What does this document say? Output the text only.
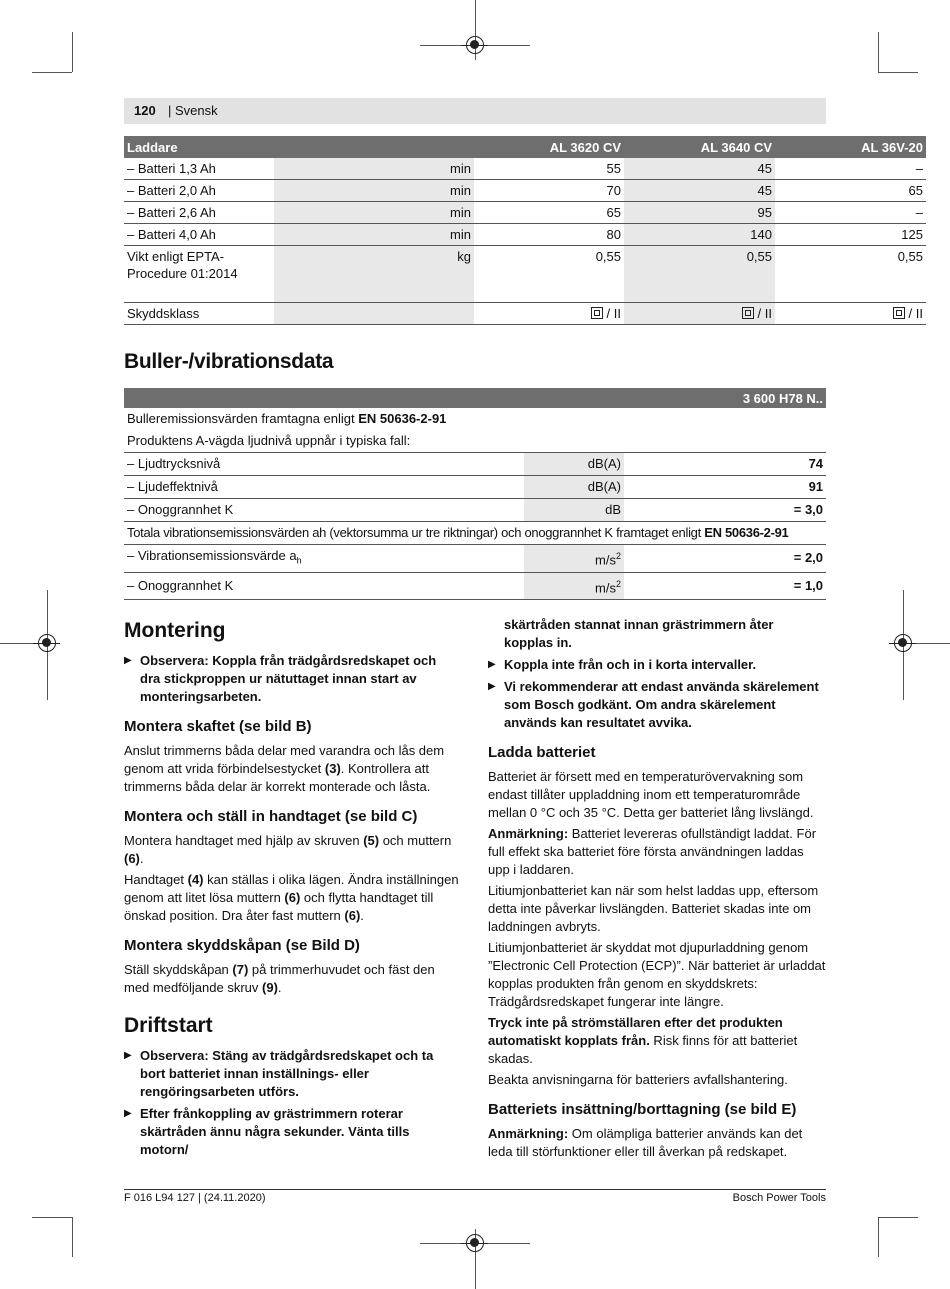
120 | Svensk
Laddare			AL 3620 CV	AL 3640 CV	AL 36V-20
– Batteri 1,3 Ah	min		55	45	–
– Batteri 2,0 Ah	min		70	45	65
– Batteri 2,6 Ah	min		65	95	–
– Batteri 4,0 Ah	min		80	140	125
Vikt enligt EPTA-Procedure 01:2014	kg		0,55	0,55	0,55
Skyddsklass			/ II	/ II	/ II
Buller-/vibrationsdata
3 600 H78 N..		
Bulleremissionsvärden framtagna enligt EN 50636-2-91		
Produktens A-vägda ljudnivå uppnår i typiska fall:		
– Ljudtrycksnivå	dB(A)	74
– Ljudeffektnivå	dB(A)	91
– Onoggrannhet K	dB	= 3,0
Totala vibrationsemissionsvärden ah (vektorsumma ur tre riktningar) och onoggrannhet K framtaget enligt EN 50636-2-91		
– Vibrationsemissionsvärde $a_h$	$m/s^2$	= 2,0
– Onoggrannhet K	$m/s^2$	= 1,0
Montering
▶ Observera: Koppla från trädgårdsredskapet och dra stickproppen ur nätuttaget innan start av monteringsarbeten.
Montera skaftet (se bild B)

Anslut trimmerns båda delar med varandra och lås dem genom att vrida förbindelsestycket (3). Kontrollera att trimmerns båda delar är korrekt monterade och låsta.

Montera och ställ in handtaget (se bild C)

Montera handtaget med hjälp av skruven (5) och muttern (6).

Handtaget (4) kan ställas i olika lägen. Ändra inställningen genom att litet lösa muttern (6) och flytta handtaget till önskad position. Dra åter fast muttern (6).

Montera skyddskåpan (se Bild D)

Ställ skyddskåpan (7) på trimmerhuvudet och fäst den med medföljande skruv (9).

Driftstart
▶ Observera: Stäng av trädgårdsredskapet och ta bort batteriet innan inställnings- eller rengöringsarbeten utförs.
▶ Efter frånkoppling av grästrimmern roterar skärtråden ännu några sekunder. Vänta tills motorn/
skärtråden stannat innan grästrimmern åter kopplas in.
▶ Koppla inte från och in i korta intervaller.
▶ Vi rekommenderar att endast använda skärelement som Bosch godkänt. Om andra skärelement används kan resultatet avvika.
Ladda batteriet

Batteriet är försett med en temperaturövervakning som endast tillåter uppladdning inom ett temperaturområde mellan 0 °C och 35 °C. Detta ger batteriet lång livslängd.

Anmärkning: Batteriet levereras ofullständigt laddat. För full effekt ska batteriet före första användningen laddas upp i laddaren.

Litiumjonbatteriet kan när som helst laddas upp, eftersom detta inte påverkar livslängden. Batteriet skadas inte om laddningen avbryts.

Litiumjonbatteriet är skyddat mot djupurladdning genom ”Electronic Cell Protection (ECP)”. När batteriet är urladdat kopplas produkten från genom en skyddskrets: Trädgårdsredskapet fungerar inte längre.

Tryck inte på strömställaren efter det produkten automatiskt kopplats från. Risk finns för att batteriet skadas.

Beakta anvisningarna för batteriers avfallshantering.

Batteriets insättning/borttagning (se bild E)

Anmärkning: Om olämpliga batterier används kan det leda till störfunktioner eller till åverkan på redskapet.

F 016 L94 127 | (24.11.2020)	Bosch Power Tools
